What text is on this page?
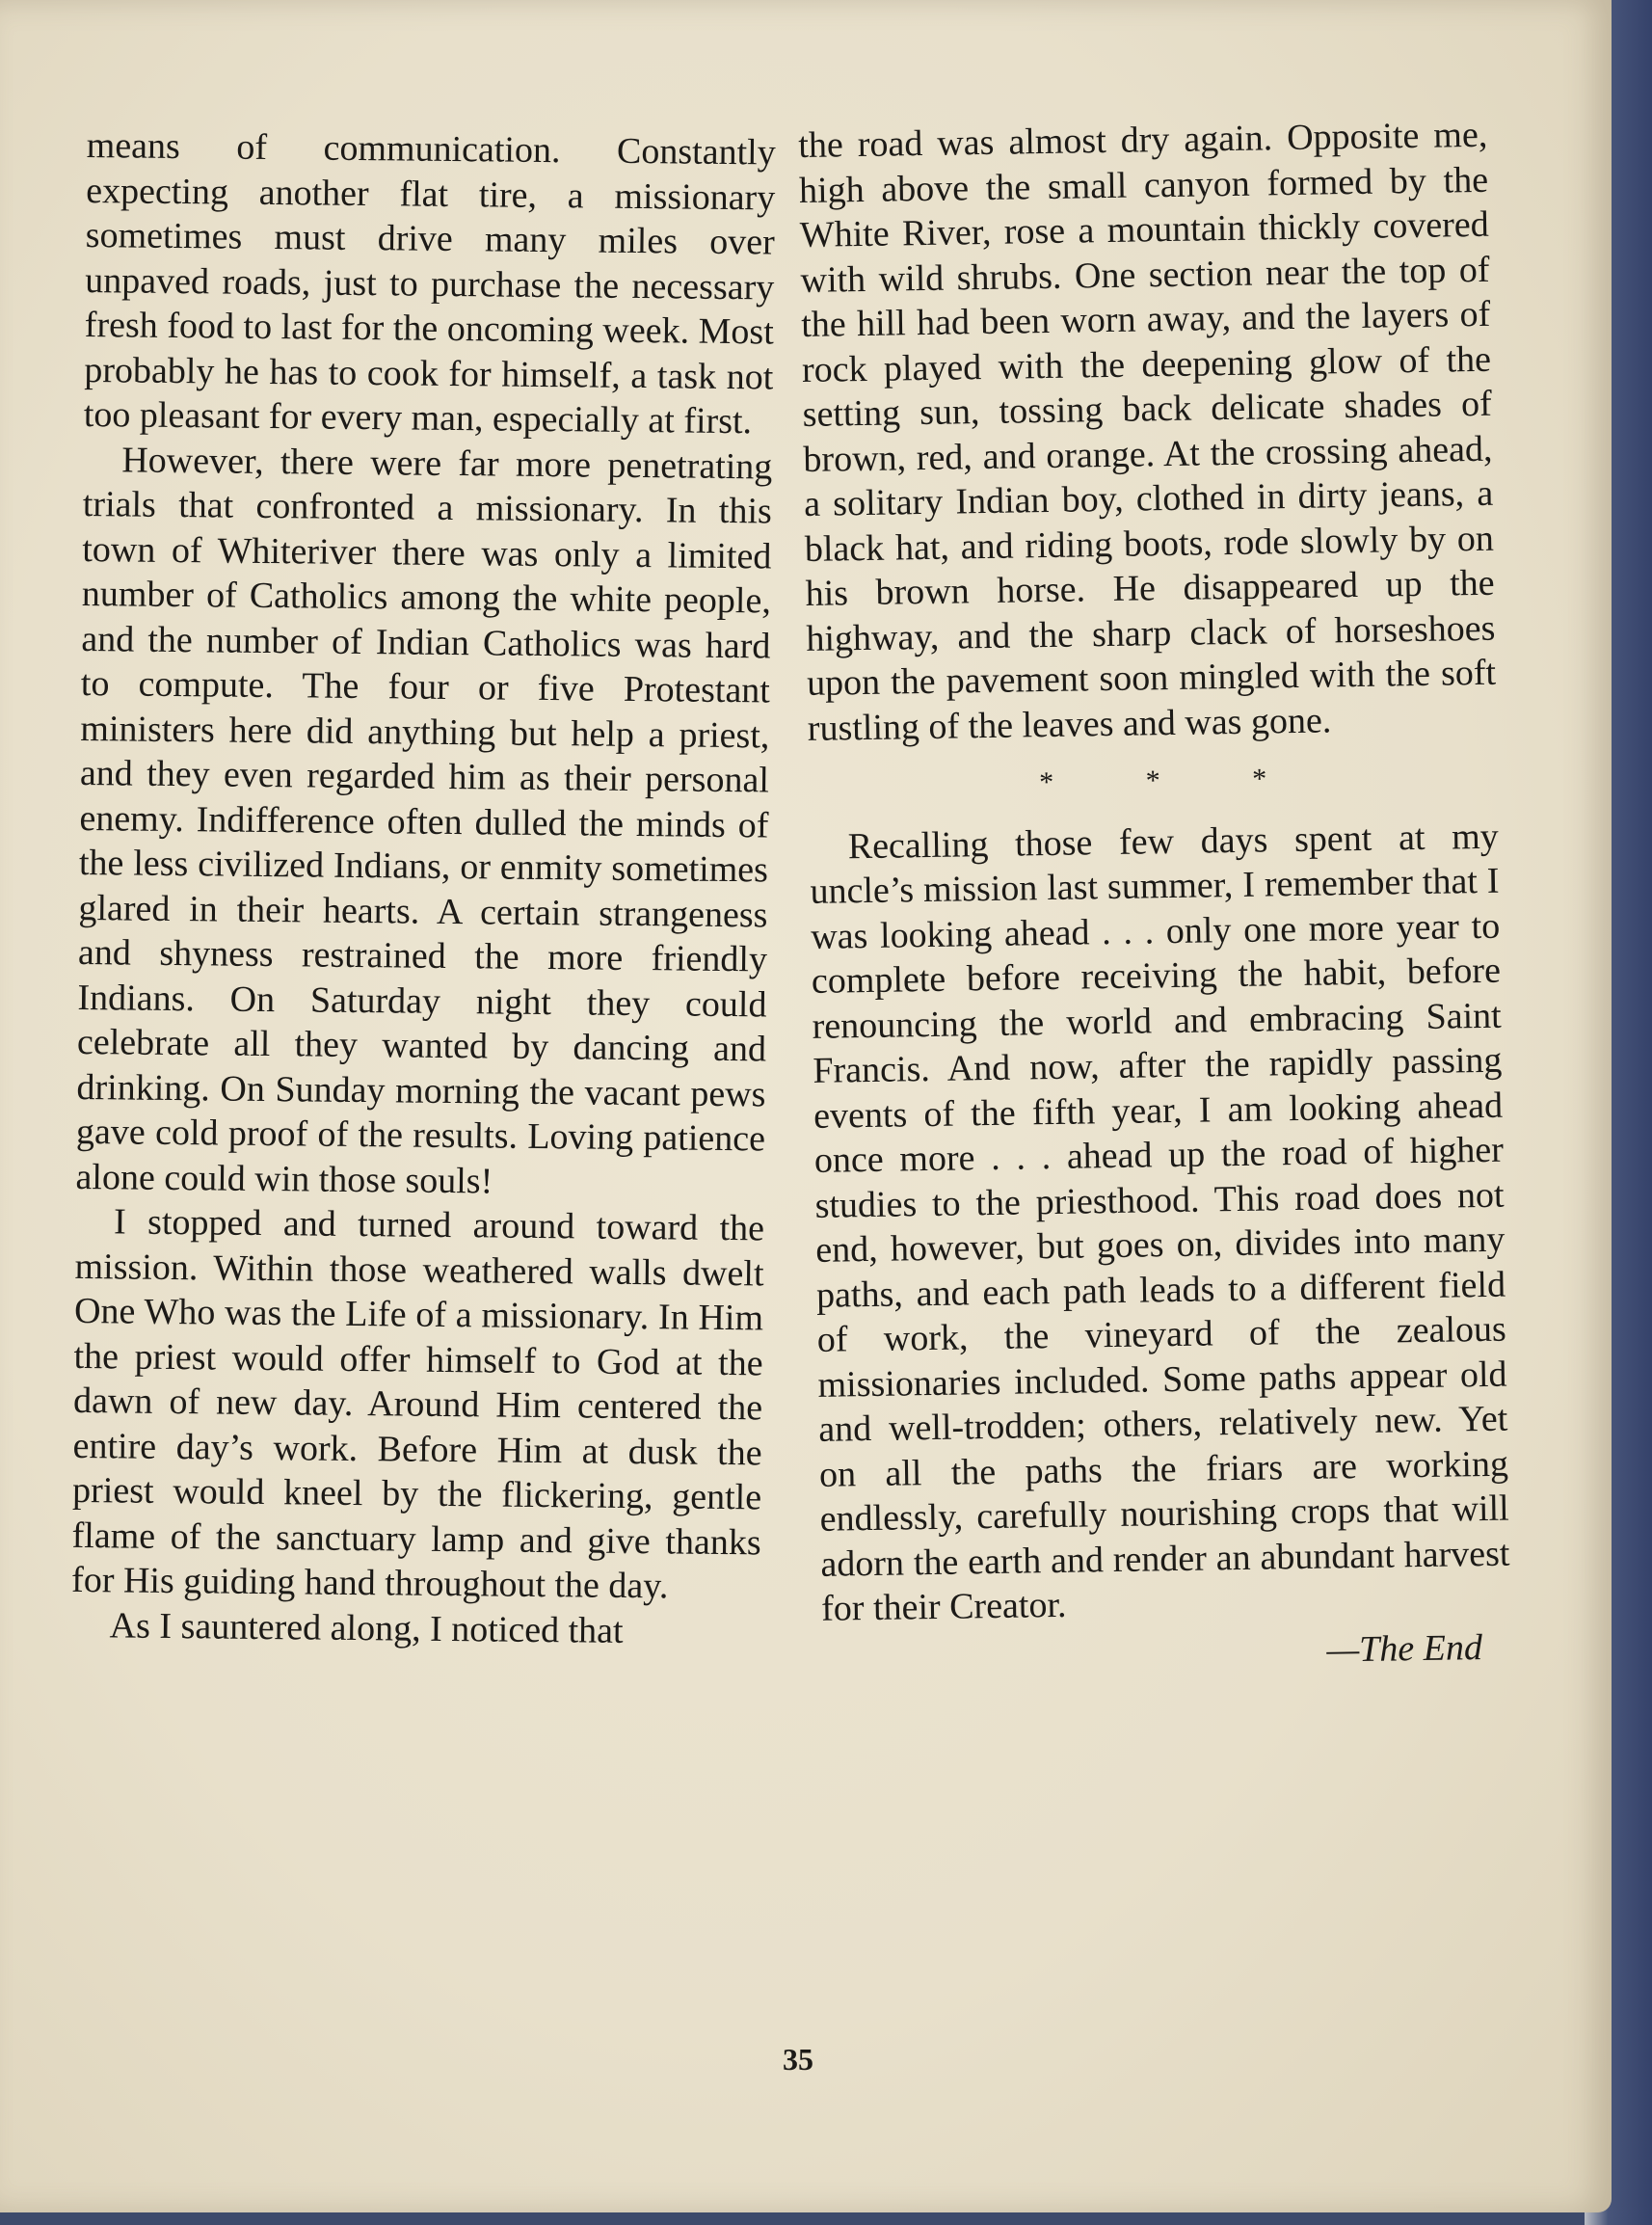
means of communication. Constantly expecting another flat tire, a missionary sometimes must drive many miles over unpaved roads, just to purchase the necessary fresh food to last for the oncoming week. Most probably he has to cook for himself, a task not too pleasant for every man, especially at first.

However, there were far more penetrating trials that confronted a missionary. In this town of Whiteriver there was only a limited number of Catholics among the white people, and the number of Indian Catholics was hard to compute. The four or five Protestant ministers here did anything but help a priest, and they even regarded him as their personal enemy. Indifference often dulled the minds of the less civilized Indians, or enmity sometimes glared in their hearts. A certain strangeness and shyness restrained the more friendly Indians. On Saturday night they could celebrate all they wanted by dancing and drinking. On Sunday morning the vacant pews gave cold proof of the results. Loving patience alone could win those souls!

I stopped and turned around toward the mission. Within those weathered walls dwelt One Who was the Life of a missionary. In Him the priest would offer himself to God at the dawn of new day. Around Him centered the entire day’s work. Before Him at dusk the priest would kneel by the flickering, gentle flame of the sanctuary lamp and give thanks for His guiding hand throughout the day.

As I sauntered along, I noticed that

the road was almost dry again. Opposite me, high above the small canyon formed by the White River, rose a mountain thickly covered with wild shrubs. One section near the top of the hill had been worn away, and the layers of rock played with the deepening glow of the setting sun, tossing back delicate shades of brown, red, and orange. At the crossing ahead, a solitary Indian boy, clothed in dirty jeans, a black hat, and riding boots, rode slowly by on his brown horse. He disappeared up the highway, and the sharp clack of horseshoes upon the pavement soon mingled with the soft rustling of the leaves and was gone.

*	*	*

Recalling those few days spent at my uncle’s mission last summer, I remember that I was looking ahead . . . only one more year to complete before receiving the habit, before renouncing the world and embracing Saint Francis. And now, after the rapidly passing events of the fifth year, I am looking ahead once more . . . ahead up the road of higher studies to the priesthood. This road does not end, however, but goes on, divides into many paths, and each path leads to a different field of work, the vineyard of the zealous missionaries included. Some paths appear old and well-trodden; others, relatively new. Yet on all the paths the friars are working endlessly, carefully nourishing crops that will adorn the earth and render an abundant harvest for their Creator.

—The End
35
